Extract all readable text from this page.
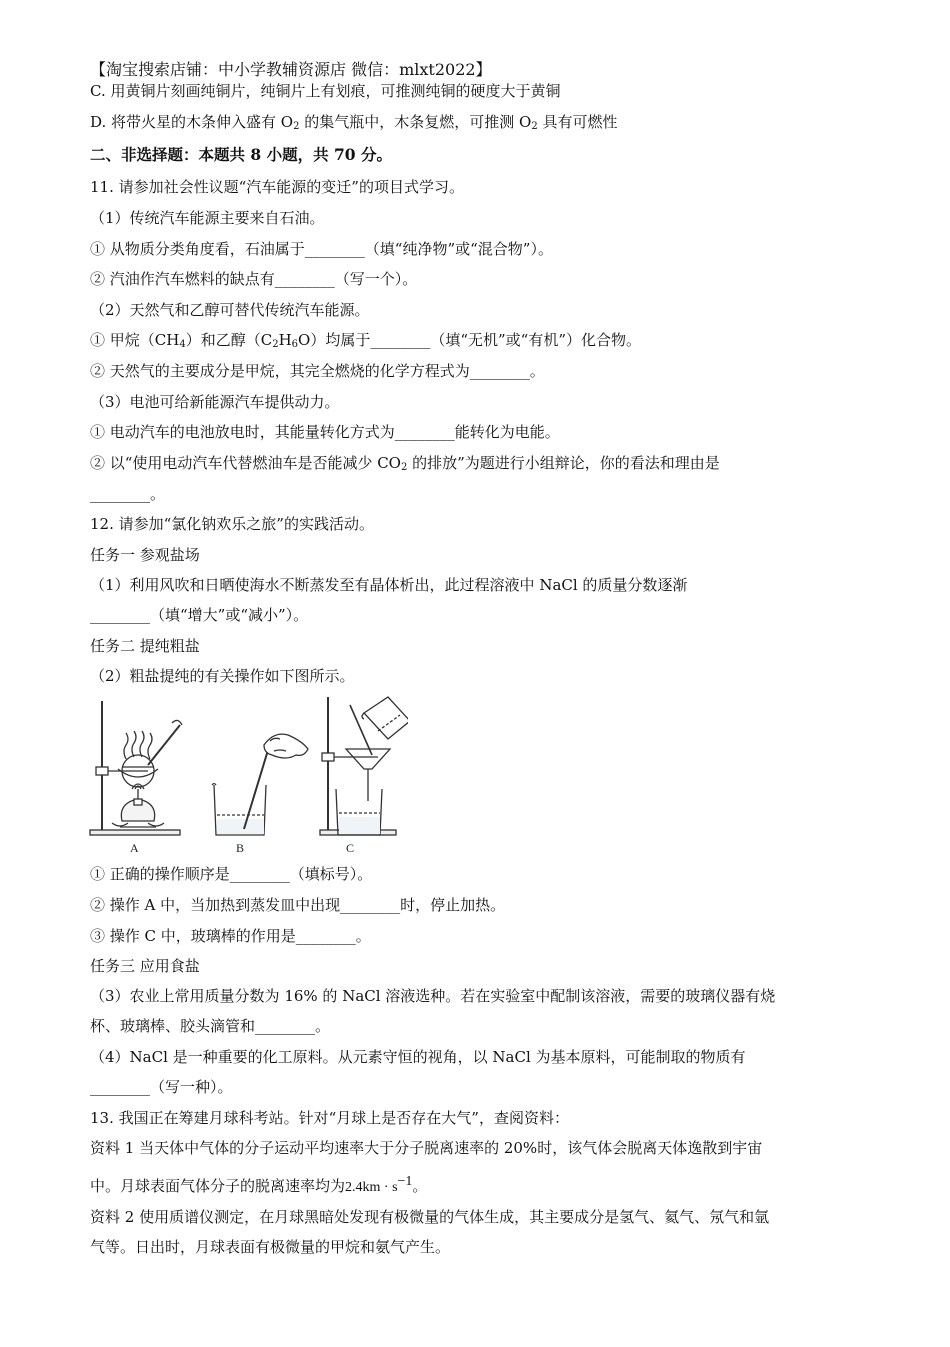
【淘宝搜索店铺：中小学教辅资源店 微信：mlxt2022】
C. 用黄铜片刻画纯铜片，纯铜片上有划痕，可推测纯铜的硬度大于黄铜
D. 将带火星的木条伸入盛有 $O_2$ 的集气瓶中，木条复燃，可推测 $O_2$ 具有可燃性
二、非选择题：本题共 8 小题，共 70 分。
11. 请参加社会性议题“汽车能源的变迁”的项目式学习。
（1）传统汽车能源主要来自石油。
① 从物质分类角度看，石油属于________（填“纯净物”或“混合物”）。
② 汽油作汽车燃料的缺点有________（写一个）。
（2）天然气和乙醇可替代传统汽车能源。
① 甲烷$(CH_4)$和乙醇$(C_2H_6O)$均属于________（填“无机”或“有机”）化合物。
② 天然气的主要成分是甲烷，其完全燃烧的化学方程式为________。
（3）电池可给新能源汽车提供动力。
① 电动汽车的电池放电时，其能量转化方式为________能转化为电能。
② 以“使用电动汽车代替燃油车是否能减少 $CO_2$ 的排放”为题进行小组辩论，你的看法和理由是
________。
12. 请参加“氯化钠欢乐之旅”的实践活动。
任务一 参观盐场
（1）利用风吹和日晒使海水不断蒸发至有晶体析出，此过程溶液中 NaCl 的质量分数逐渐
________（填“增大”或“减小”）。
任务二 提纯粗盐
（2）粗盐提纯的有关操作如下图所示。
A	B	C
① 正确的操作顺序是________（填标号）。
② 操作 A 中，当加热到蒸发皿中出现________时，停止加热。
③ 操作 C 中，玻璃棒的作用是________。
任务三 应用食盐
（3）农业上常用质量分数为 16% 的 NaCl 溶液选种。若在实验室中配制该溶液，需要的玻璃仪器有烧
杯、玻璃棒、胶头滴管和________。
（4）NaCl 是一种重要的化工原料。从元素守恒的视角，以 NaCl 为基本原料，可能制取的物质有
________（写一种）。
13. 我国正在筹建月球科考站。针对“月球上是否存在大气”，查阅资料：
资料 1 当天体中气体的分子运动平均速率大于分子脱离速率的 20%时，该气体会脱离天体逸散到宇宙
中。月球表面气体分子的脱离速率均为$2.4km \cdot s^{-1}$。
资料 2 使用质谱仪测定，在月球黑暗处发现有极微量的气体生成，其主要成分是氢气、氦气、氖气和氩
气等。日出时，月球表面有极微量的甲烷和氨气产生。
